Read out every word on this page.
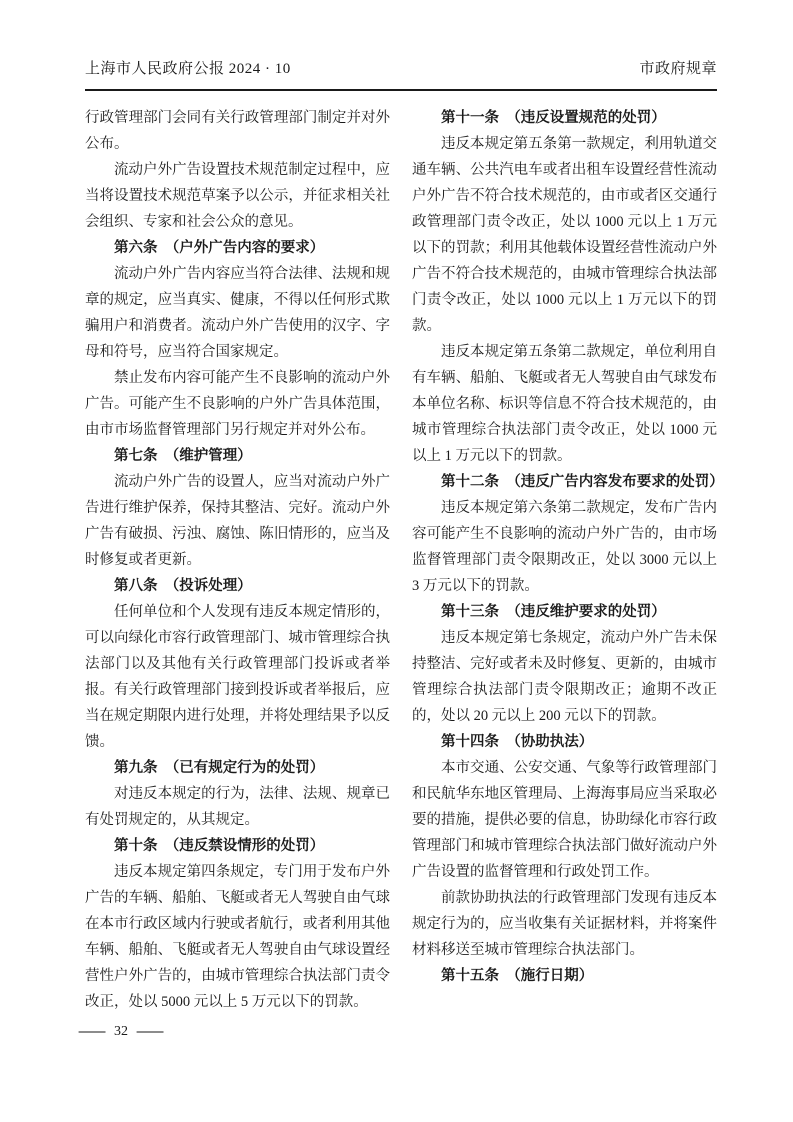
上海市人民政府公报 2024 · 10	市政府规章
行政管理部门会同有关行政管理部门制定并对外公布。
流动户外广告设置技术规范制定过程中，应当将设置技术规范草案予以公示，并征求相关社会组织、专家和社会公众的意见。
第六条　（户外广告内容的要求）
流动户外广告内容应当符合法律、法规和规章的规定，应当真实、健康，不得以任何形式欺骗用户和消费者。流动户外广告使用的汉字、字母和符号，应当符合国家规定。
禁止发布内容可能产生不良影响的流动户外广告。可能产生不良影响的户外广告具体范围，由市市场监督管理部门另行规定并对外公布。
第七条　（维护管理）
流动户外广告的设置人，应当对流动户外广告进行维护保养，保持其整洁、完好。流动户外广告有破损、污浊、腐蚀、陈旧情形的，应当及时修复或者更新。
第八条　（投诉处理）
任何单位和个人发现有违反本规定情形的，可以向绿化市容行政管理部门、城市管理综合执法部门以及其他有关行政管理部门投诉或者举报。有关行政管理部门接到投诉或者举报后，应当在规定期限内进行处理，并将处理结果予以反馈。
第九条　（已有规定行为的处罚）
对违反本规定的行为，法律、法规、规章已有处罚规定的，从其规定。
第十条　（违反禁设情形的处罚）
违反本规定第四条规定，专门用于发布户外广告的车辆、船舶、飞艇或者无人驾驶自由气球在本市行政区域内行驶或者航行，或者利用其他车辆、船舶、飞艇或者无人驾驶自由气球设置经营性户外广告的，由城市管理综合执法部门责令改正，处以 5000 元以上 5 万元以下的罚款。
第十一条　（违反设置规范的处罚）
违反本规定第五条第一款规定，利用轨道交通车辆、公共汽电车或者出租车设置经营性流动户外广告不符合技术规范的，由市或者区交通行政管理部门责令改正，处以 1000 元以上 1 万元以下的罚款；利用其他载体设置经营性流动户外广告不符合技术规范的，由城市管理综合执法部门责令改正，处以 1000 元以上 1 万元以下的罚款。
违反本规定第五条第二款规定，单位利用自有车辆、船舶、飞艇或者无人驾驶自由气球发布本单位名称、标识等信息不符合技术规范的，由城市管理综合执法部门责令改正，处以 1000 元以上 1 万元以下的罚款。
第十二条　（违反广告内容发布要求的处罚）
违反本规定第六条第二款规定，发布广告内容可能产生不良影响的流动户外广告的，由市场监督管理部门责令限期改正，处以 3000 元以上 3 万元以下的罚款。
第十三条　（违反维护要求的处罚）
违反本规定第七条规定，流动户外广告未保持整洁、完好或者未及时修复、更新的，由城市管理综合执法部门责令限期改正；逾期不改正的，处以 20 元以上 200 元以下的罚款。
第十四条　（协助执法）
本市交通、公安交通、气象等行政管理部门和民航华东地区管理局、上海海事局应当采取必要的措施，提供必要的信息，协助绿化市容行政管理部门和城市管理综合执法部门做好流动户外广告设置的监督管理和行政处罚工作。
前款协助执法的行政管理部门发现有违反本规定行为的，应当收集有关证据材料，并将案件材料移送至城市管理综合执法部门。
第十五条　（施行日期）
— 32 —
